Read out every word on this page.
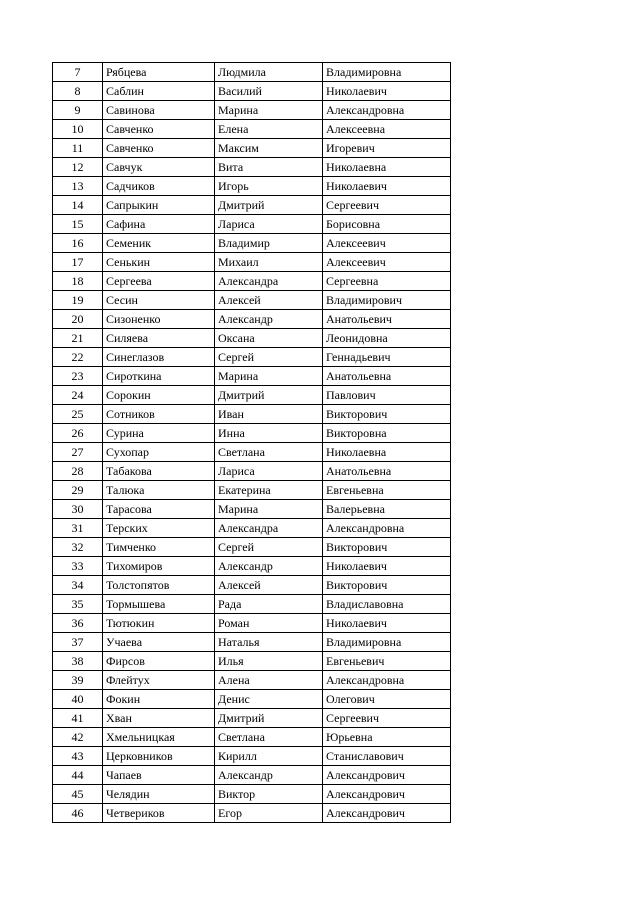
7	Рябцева	Людмила	Владимировна
8	Саблин	Василий	Николаевич
9	Савинова	Марина	Александровна
10	Савченко	Елена	Алексеевна
11	Савченко	Максим	Игоревич
12	Савчук	Вита	Николаевна
13	Садчиков	Игорь	Николаевич
14	Сапрыкин	Дмитрий	Сергеевич
15	Сафина	Лариса	Борисовна
16	Семеник	Владимир	Алексеевич
17	Сенькин	Михаил	Алексеевич
18	Сергеева	Александра	Сергеевна
19	Сесин	Алексей	Владимирович
20	Сизоненко	Александр	Анатольевич
21	Силяева	Оксана	Леонидовна
22	Синеглазов	Сергей	Геннадьевич
23	Сироткина	Марина	Анатольевна
24	Сорокин	Дмитрий	Павлович
25	Сотников	Иван	Викторович
26	Сурина	Инна	Викторовна
27	Сухопар	Светлана	Николаевна
28	Табакова	Лариса	Анатольевна
29	Талюка	Екатерина	Евгеньевна
30	Тарасова	Марина	Валерьевна
31	Терских	Александра	Александровна
32	Тимченко	Сергей	Викторович
33	Тихомиров	Александр	Николаевич
34	Толстопятов	Алексей	Викторович
35	Тормышева	Рада	Владиславовна
36	Тютюкин	Роман	Николаевич
37	Учаева	Наталья	Владимировна
38	Фирсов	Илья	Евгеньевич
39	Флейтух	Алена	Александровна
40	Фокин	Денис	Олегович
41	Хван	Дмитрий	Сергеевич
42	Хмельницкая	Светлана	Юрьевна
43	Церковников	Кирилл	Станиславович
44	Чапаев	Александр	Александрович
45	Челядин	Виктор	Александрович
46	Четвериков	Егор	Александрович
